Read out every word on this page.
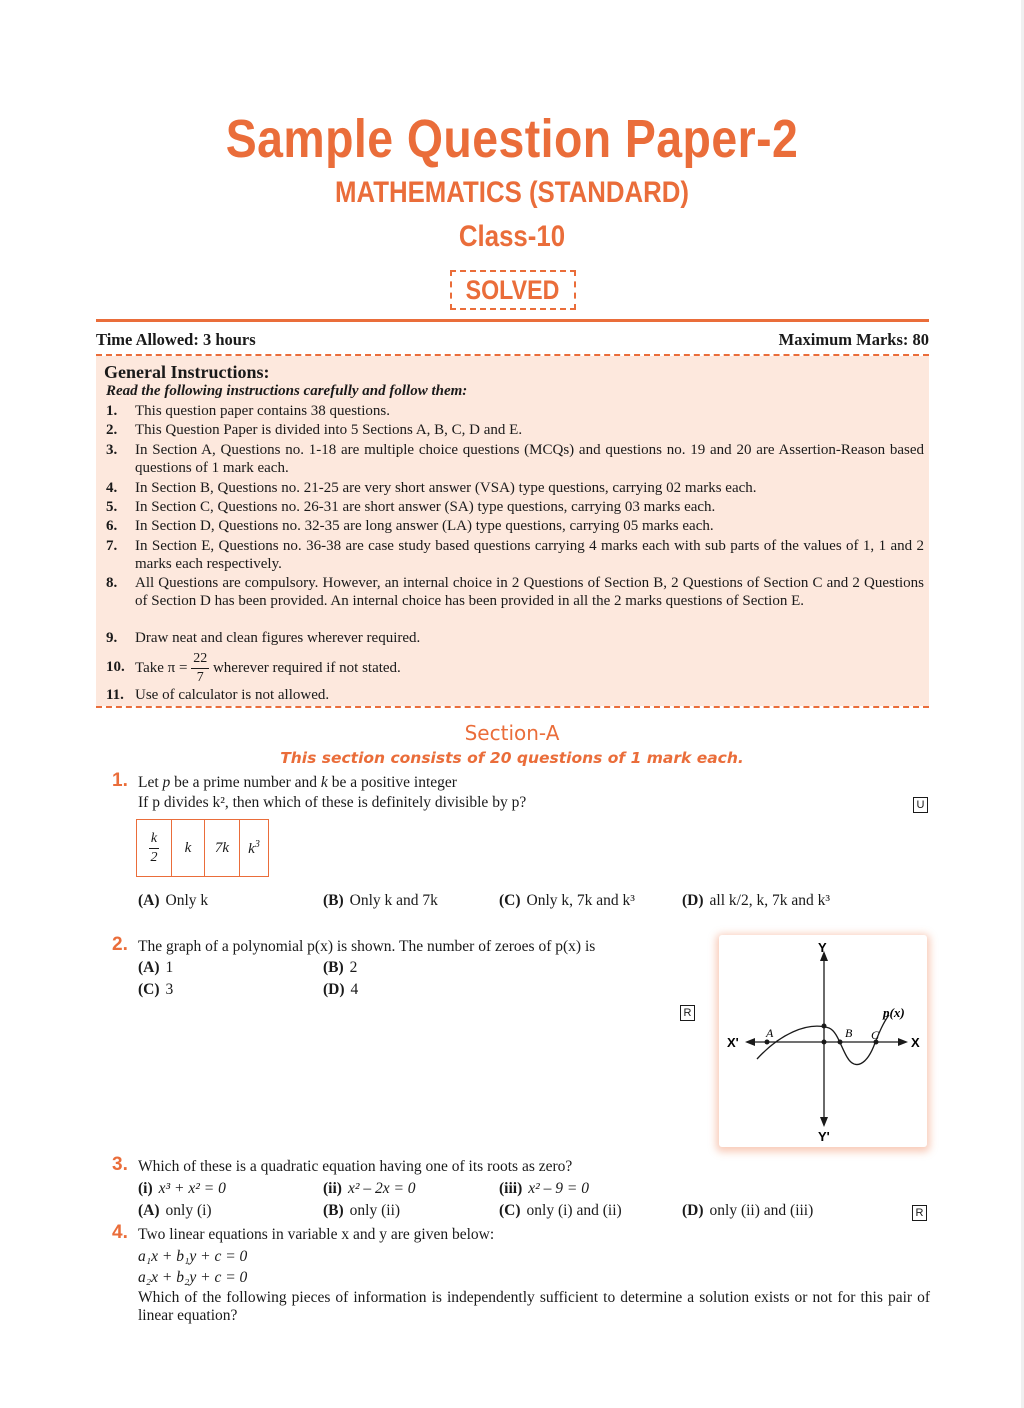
Sample Question Paper-2
MATHEMATICS (STANDARD)
Class-10
SOLVED
Time Allowed: 3 hours	Maximum Marks: 80
General Instructions:
Read the following instructions carefully and follow them:
1. This question paper contains 38 questions.
2. This Question Paper is divided into 5 Sections A, B, C, D and E.
3. In Section A, Questions no. 1-18 are multiple choice questions (MCQs) and questions no. 19 and 20 are Assertion-Reason based questions of 1 mark each.
4. In Section B, Questions no. 21-25 are very short answer (VSA) type questions, carrying 02 marks each.
5. In Section C, Questions no. 26-31 are short answer (SA) type questions, carrying 03 marks each.
6. In Section D, Questions no. 32-35 are long answer (LA) type questions, carrying 05 marks each.
7. In Section E, Questions no. 36-38 are case study based questions carrying 4 marks each with sub parts of the values of 1, 1 and 2 marks each respectively.
8. All Questions are compulsory. However, an internal choice in 2 Questions of Section B, 2 Questions of Section C and 2 Questions of Section D has been provided. An internal choice has been provided in all the 2 marks questions of Section E.
9. Draw neat and clean figures wherever required.
10. Take $\pi = \frac{22}{7}$ wherever required if not stated.
11. Use of calculator is not allowed.
Section-A
This section consists of 20 questions of 1 mark each.
1. Let p be a prime number and k be a positive integer
If p divides k², then which of these is definitely divisible by p?	U
$\frac{k}{2}$	k	7k	$k^3$
(A) Only k	(B) Only k and 7k	(C) Only k, 7k and k³	(D) all k/2, k, 7k and k³
2. The graph of a polynomial p(x) is shown. The number of zeroes of p(x) is
(A) 1	(B) 2
(C) 3	(D) 4
R
Y
Y'
X
X'
A	B C
p(x)
3. Which of these is a quadratic equation having one of its roots as zero?
(i) x³ + x² = 0	(ii) x² – 2x = 0	(iii) x² – 9 = 0
(A) only (i)	(B) only (ii)	(C) only (i) and (ii)	(D) only (ii) and (iii)	R
4. Two linear equations in variable x and y are given below:
a₁x + b₁y + c = 0
a₂x + b₂y + c = 0
Which of the following pieces of information is independently sufficient to determine a solution exists or not for this pair of linear equation?
